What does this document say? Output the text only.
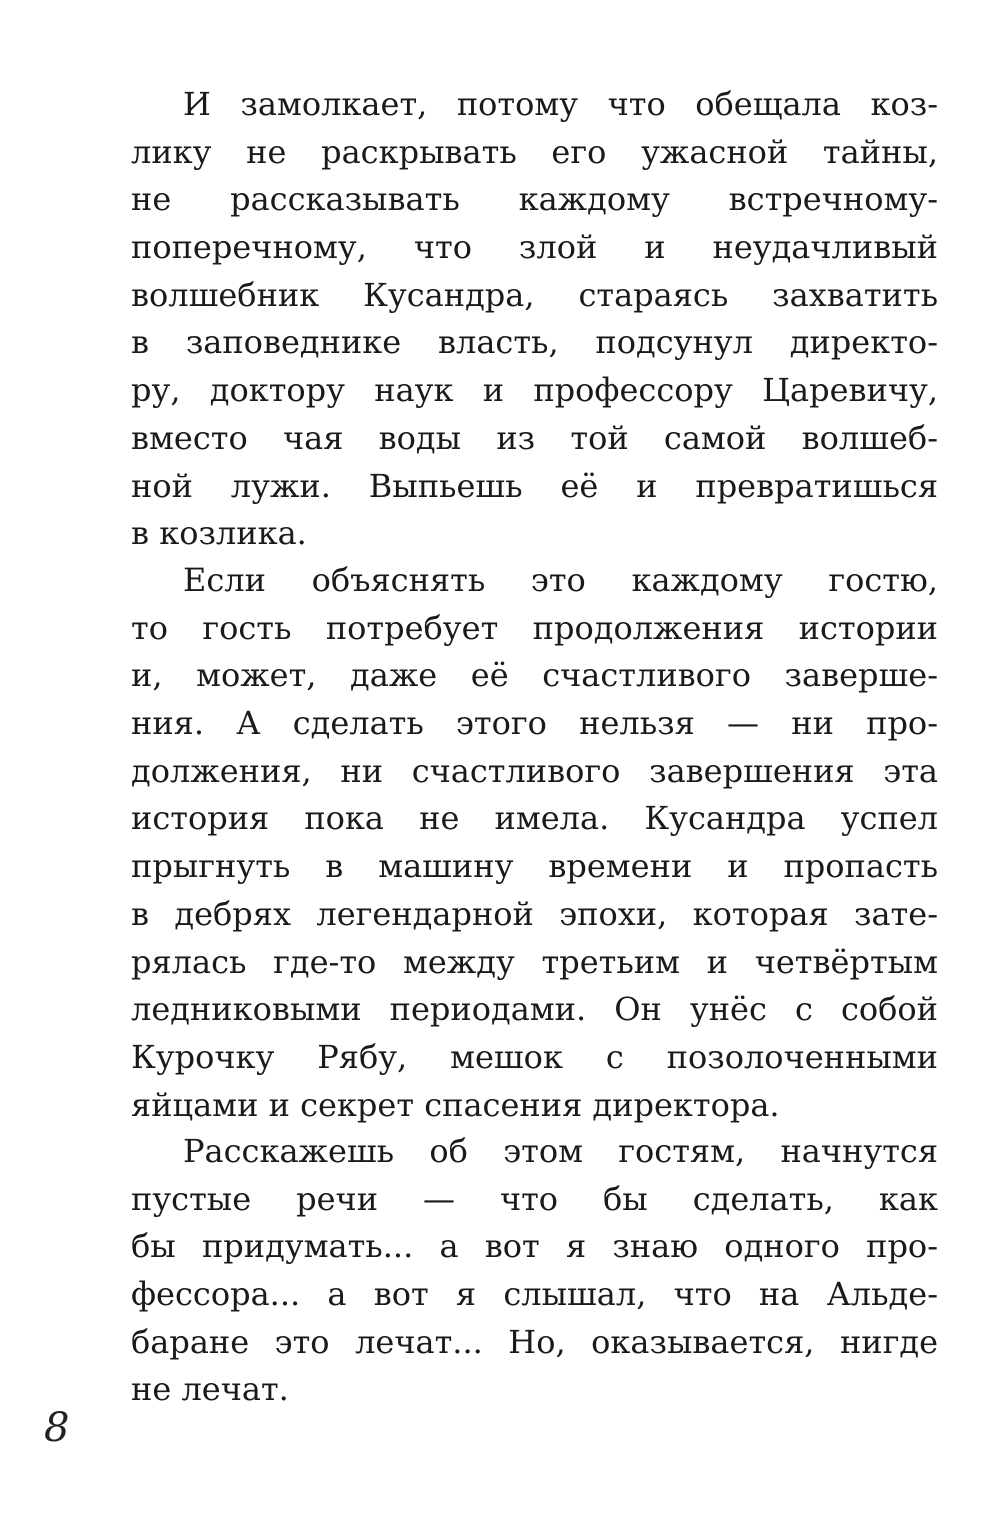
И замолкает, потому что обещала коз-
лику не раскрывать его ужасной тайны,
не рассказывать каждому встречному-
поперечному, что злой и неудачливый
волшебник Кусандра, стараясь захватить
в заповеднике власть, подсунул директо-
ру, доктору наук и профессору Царевичу,
вместо чая воды из той самой волшеб-
ной лужи. Выпьешь её и превратишься
в козлика.
Если объяснять это каждому гостю,
то гость потребует продолжения истории
и, может, даже её счастливого заверше-
ния. А сделать этого нельзя — ни про-
должения, ни счастливого завершения эта
история пока не имела. Кусандра успел
прыгнуть в машину времени и пропасть
в дебрях легендарной эпохи, которая зате-
рялась где-то между третьим и четвёртым
ледниковыми периодами. Он унёс с собой
Курочку Рябу, мешок с позолоченными
яйцами и секрет спасения директора.
Расскажешь об этом гостям, начнутся
пустые речи — что бы сделать, как
бы придумать... а вот я знаю одного про-
фессора... а вот я слышал, что на Альде-
баране это лечат... Но, оказывается, нигде
не лечат.
8
